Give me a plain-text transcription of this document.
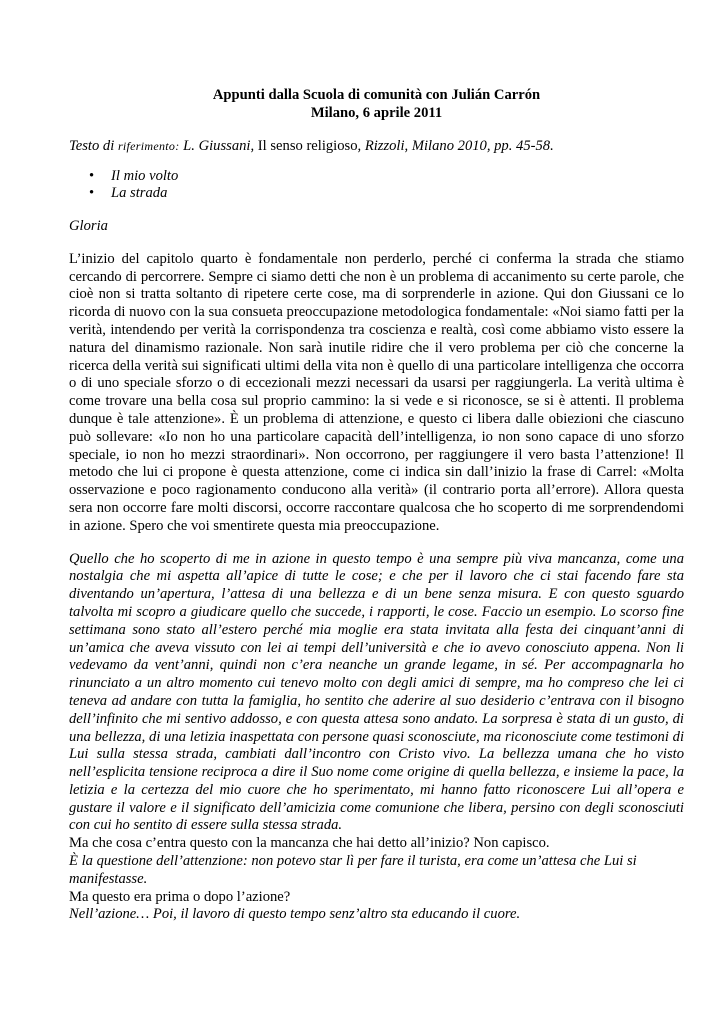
Appunti dalla Scuola di comunità con Julián Carrón
Milano, 6 aprile 2011

Testo di riferimento: L. Giussani, Il senso religioso, Rizzoli, Milano 2010, pp. 45-58.

• Il mio volto
• La strada

Gloria

L’inizio del capitolo quarto è fondamentale non perderlo, perché ci conferma la strada che stiamo cercando di percorrere. Sempre ci siamo detti che non è un problema di accanimento su certe parole, che cioè non si tratta soltanto di ripetere certe cose, ma di sorprenderle in azione. Qui don Giussani ce lo ricorda di nuovo con la sua consueta preoccupazione metodologica fondamentale: «Noi siamo fatti per la verità, intendendo per verità la corrispondenza tra coscienza e realtà, così come abbiamo visto essere la natura del dinamismo razionale. Non sarà inutile ridire che il vero problema per ciò che concerne la ricerca della verità sui significati ultimi della vita non è quello di una particolare intelligenza che occorra o di uno speciale sforzo o di eccezionali mezzi necessari da usarsi per raggiungerla. La verità ultima è come trovare una bella cosa sul proprio cammino: la si vede e si riconosce, se si è attenti. Il problema dunque è tale attenzione». È un problema di attenzione, e questo ci libera dalle obiezioni che ciascuno può sollevare: «Io non ho una particolare capacità dell’intelligenza, io non sono capace di uno sforzo speciale, io non ho mezzi straordinari». Non occorrono, per raggiungere il vero basta l’attenzione! Il metodo che lui ci propone è questa attenzione, come ci indica sin dall’inizio la frase di Carrel: «Molta osservazione e poco ragionamento conducono alla verità» (il contrario porta all’errore). Allora questa sera non occorre fare molti discorsi, occorre raccontare qualcosa che ho scoperto di me sorprendendomi in azione. Spero che voi smentirete questa mia preoccupazione.

Quello che ho scoperto di me in azione in questo tempo è una sempre più viva mancanza, come una nostalgia che mi aspetta all’apice di tutte le cose; e che per il lavoro che ci stai facendo fare sta diventando un’apertura, l’attesa di una bellezza e di un bene senza misura. E con questo sguardo talvolta mi scopro a giudicare quello che succede, i rapporti, le cose. Faccio un esempio. Lo scorso fine settimana sono stato all’estero perché mia moglie era stata invitata alla festa dei cinquant’anni di un’amica che aveva vissuto con lei ai tempi dell’università e che io avevo conosciuto appena. Non li vedevamo da vent’anni, quindi non c’era neanche un grande legame, in sé. Per accompagnarla ho rinunciato a un altro momento cui tenevo molto con degli amici di sempre, ma ho compreso che lei ci teneva ad andare con tutta la famiglia, ho sentito che aderire al suo desiderio c’entrava con il bisogno dell’infinito che mi sentivo addosso, e con questa attesa sono andato. La sorpresa è stata di un gusto, di una bellezza, di una letizia inaspettata con persone quasi sconosciute, ma riconosciute come testimoni di Lui sulla stessa strada, cambiati dall’incontro con Cristo vivo. La bellezza umana che ho visto nell’esplicita tensione reciproca a dire il Suo nome come origine di quella bellezza, e insieme la pace, la letizia e la certezza del mio cuore che ho sperimentato, mi hanno fatto riconoscere Lui all’opera e gustare il valore e il significato dell’amicizia come comunione che libera, persino con degli sconosciuti con cui ho sentito di essere sulla stessa strada.

Ma che cosa c’entra questo con la mancanza che hai detto all’inizio? Non capisco.

È la questione dell’attenzione: non potevo star lì per fare il turista, era come un’attesa che Lui si manifestasse.

Ma questo era prima o dopo l’azione?

Nell’azione… Poi, il lavoro di questo tempo senz’altro sta educando il cuore.
